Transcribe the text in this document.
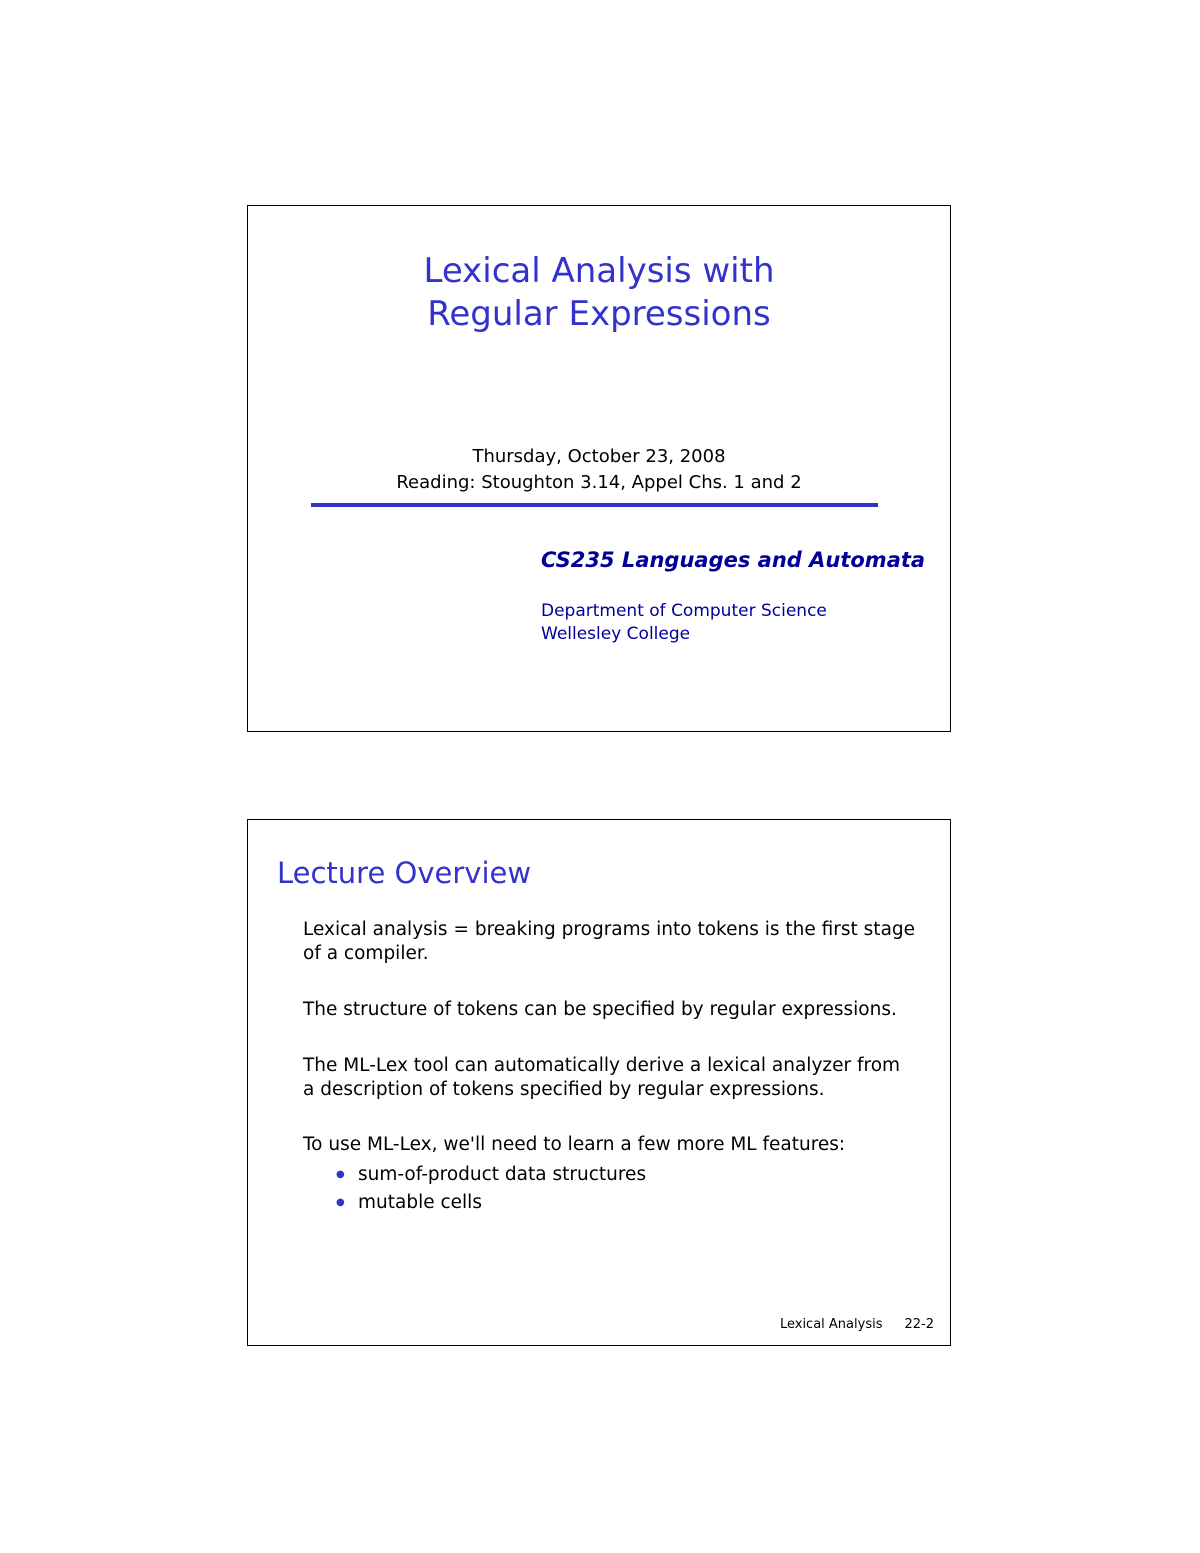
Lexical Analysis with
Regular Expressions
Thursday, October 23, 2008
Reading: Stoughton 3.14, Appel Chs. 1 and 2
CS235 Languages and Automata
Department of Computer Science
Wellesley College
Lecture Overview
Lexical analysis = breaking programs into tokens is the first stage
of a compiler.
The structure of tokens can be specified by regular expressions.
The ML-Lex tool can automatically derive a lexical analyzer from
a description of tokens specified by regular expressions.
To use ML-Lex, we'll need to learn a few more ML features:
● sum-of-product data structures
● mutable cells
Lexical Analysis 22-2
